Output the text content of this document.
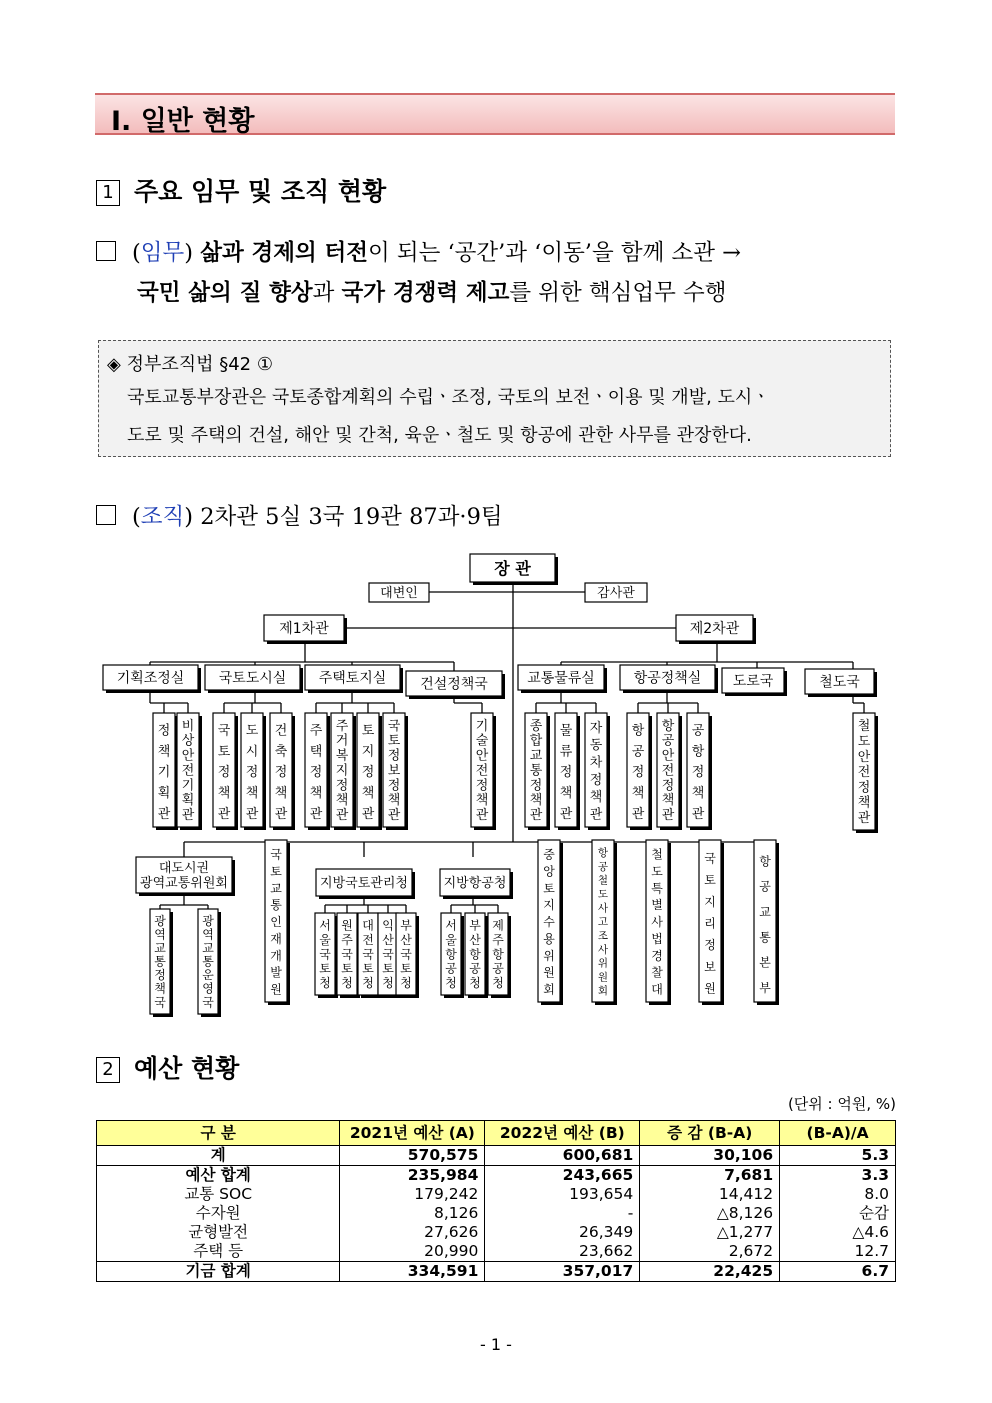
Ⅰ. 일반 현황
1 주요 임무 및 조직 현황
(임무) 삶과 경제의 터전이 되는 ‘공간’과 ‘이동’을 함께 소관 →
국민 삶의 질 향상과 국가 경쟁력 제고를 위한 핵심업무 수행
◈ 정부조직법 §42 ①
국토교통부장관은 국토종합계획의 수립ㆍ조정, 국토의 보전ㆍ이용 및 개발, 도시ㆍ
도로 및 주택의 건설, 해안 및 간척, 육운ㆍ철도 및 항공에 관한 사무를 관장한다.
(조직) 2차관 5실 3국 19관 87과·9팀
장 관
대변인	감사관
제1차관	제2차관
기획조정실 국토도시실 주택토지실 건설정책국	교통물류실	항공정책실 도로국	철도국
정 책 기 획 관
비 상 안 전 기 획 관
국 토 정 책 관
도 시 정 책 관
건 축 정 책 관
주 택 정 책 관
주 거 복 지 정 책 관
토 지 정 책 관
국 토 정 보 정 책 관
기 술 안 전 정 책 관
종 합 교 통 정 책 관
물 류 정 책 관
자 동 차 정 책 관
항 공 정 책 관
항 공 안 전 정 책 관
공 항 정 책 관
철 도 안 전 정 책 관
대도시권 광역교통위원회
국 토 교 통 인 재 개 발 원
지방국토관리청	지방항공청
중 앙 토 지 수 용 위 원 회
항 공 철 도 사 고 조 사 위 원 회
철 도 특 별 사 법 경 찰 대
국 토 지 리 정 보 원
항 공 교 통 본 부
광 역 교 통 정 책 국
광 역 교 통 운 영 국
서 울 국 토 청
원 주 국 토 청
대 전 국 토 청
익 산 국 토 청
부 산 국 토 청
서 울 항 공 청
부 산 항 공 청
제 주 항 공 청
2 예산 현황
(단위 : 억원, %)
구 분	2021년 예산 (A)	2022년 예산 (B)	증 감 (B-A)	(B-A)/A
계	570,575	600,681	30,106	5.3
예산 합계	235,984	243,665	7,681	3.3
교통 SOC	179,242	193,654	14,412	8.0
수자원	8,126	-	△8,126	순감
균형발전	27,626	26,349	△1,277	△4.6
주택 등	20,990	23,662	2,672	12.7
기금 합계	334,591	357,017	22,425	6.7
- 1 -
